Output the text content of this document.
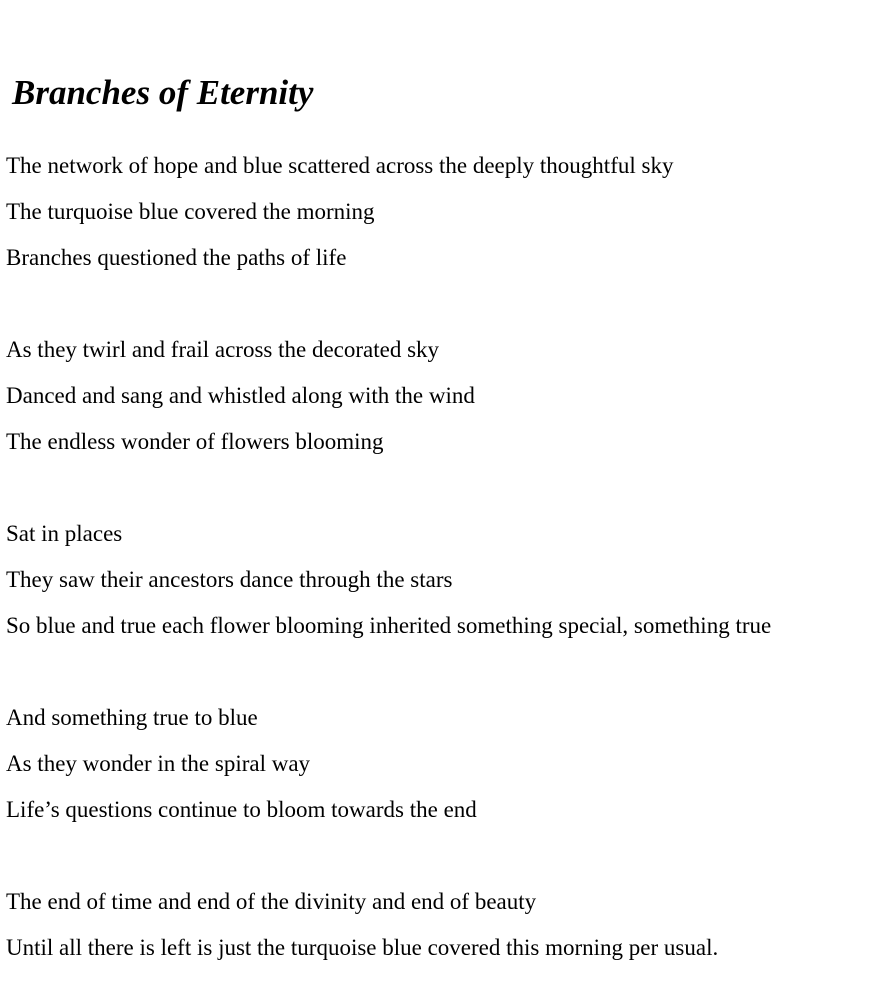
Branches of Eternity

The network of hope and blue scattered across the deeply thoughtful sky

The turquoise blue covered the morning

Branches questioned the paths of life

As they twirl and frail across the decorated sky

Danced and sang and whistled along with the wind

The endless wonder of flowers blooming

Sat in places

They saw their ancestors dance through the stars

So blue and true each flower blooming inherited something special, something true

And something true to blue

As they wonder in the spiral way

Life’s questions continue to bloom towards the end

The end of time and end of the divinity and end of beauty

Until all there is left is just the turquoise blue covered this morning per usual.
